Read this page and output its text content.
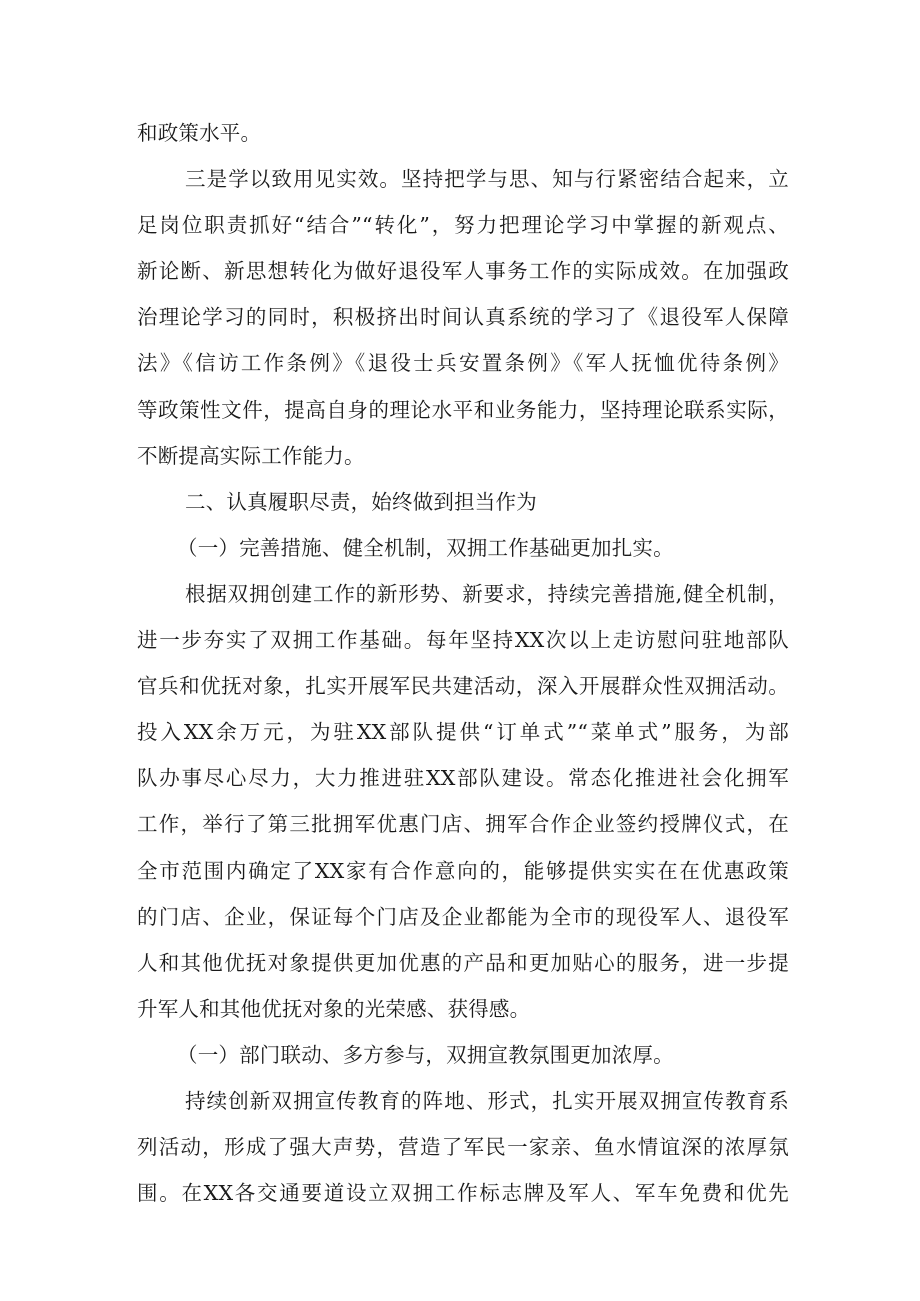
和政策水平。
三是学以致用见实效。坚持把学与思、知与行紧密结合起来，立
足岗位职责抓好“结合”“转化”，努力把理论学习中掌握的新观点、
新论断、新思想转化为做好退役军人事务工作的实际成效。在加强政
治理论学习的同时，积极挤出时间认真系统的学习了《退役军人保障
法》《信访工作条例》《退役士兵安置条例》《军人抚恤优待条例》
等政策性文件，提高自身的理论水平和业务能力，坚持理论联系实际，
不断提高实际工作能力。
二、认真履职尽责，始终做到担当作为
（一）完善措施、健全机制，双拥工作基础更加扎实。
根据双拥创建工作的新形势、新要求，持续完善措施,健全机制，
进一步夯实了双拥工作基础。每年坚持XX次以上走访慰问驻地部队
官兵和优抚对象，扎实开展军民共建活动，深入开展群众性双拥活动。
投入XX余万元，为驻XX部队提供“订单式”“菜单式”服务，为部
队办事尽心尽力，大力推进驻XX部队建设。常态化推进社会化拥军
工作，举行了第三批拥军优惠门店、拥军合作企业签约授牌仪式，在
全市范围内确定了XX家有合作意向的，能够提供实实在在优惠政策
的门店、企业，保证每个门店及企业都能为全市的现役军人、退役军
人和其他优抚对象提供更加优惠的产品和更加贴心的服务，进一步提
升军人和其他优抚对象的光荣感、获得感。
（一）部门联动、多方参与，双拥宣教氛围更加浓厚。
持续创新双拥宣传教育的阵地、形式，扎实开展双拥宣传教育系
列活动，形成了强大声势，营造了军民一家亲、鱼水情谊深的浓厚氛
围。在XX各交通要道设立双拥工作标志牌及军人、军车免费和优先
